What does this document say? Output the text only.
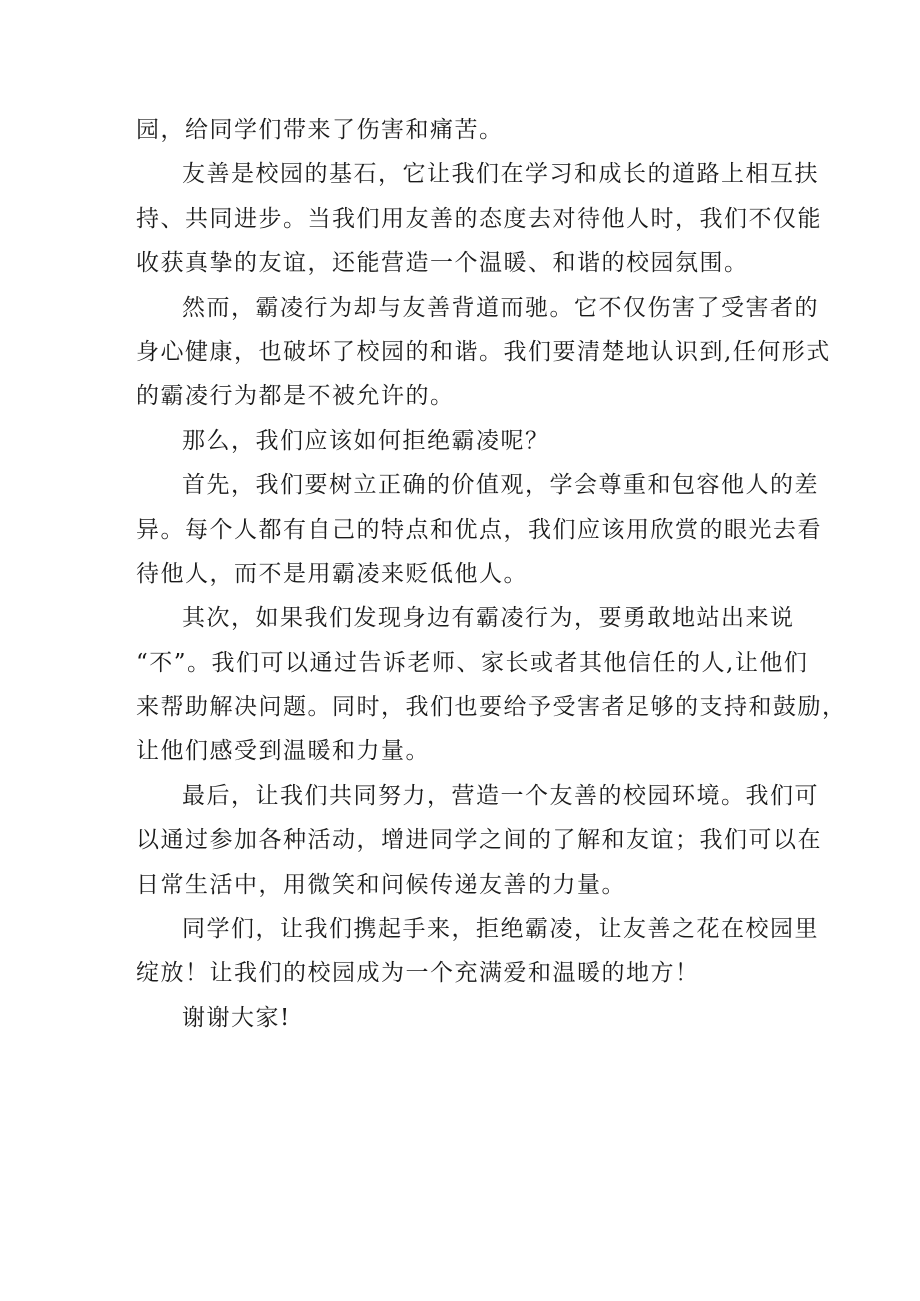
园，给同学们带来了伤害和痛苦。
友善是校园的基石，它让我们在学习和成长的道路上相互扶
持、共同进步。当我们用友善的态度去对待他人时，我们不仅能
收获真挚的友谊，还能营造一个温暖、和谐的校园氛围。
然而，霸凌行为却与友善背道而驰。它不仅伤害了受害者的
身心健康，也破坏了校园的和谐。我们要清楚地认识到,任何形式
的霸凌行为都是不被允许的。
那么，我们应该如何拒绝霸凌呢？
首先，我们要树立正确的价值观，学会尊重和包容他人的差
异。每个人都有自己的特点和优点，我们应该用欣赏的眼光去看
待他人，而不是用霸凌来贬低他人。
其次，如果我们发现身边有霸凌行为，要勇敢地站出来说
“不”。我们可以通过告诉老师、家长或者其他信任的人,让他们
来帮助解决问题。同时，我们也要给予受害者足够的支持和鼓励，
让他们感受到温暖和力量。
最后，让我们共同努力，营造一个友善的校园环境。我们可
以通过参加各种活动，增进同学之间的了解和友谊；我们可以在
日常生活中，用微笑和问候传递友善的力量。
同学们，让我们携起手来，拒绝霸凌，让友善之花在校园里
绽放！让我们的校园成为一个充满爱和温暖的地方！
谢谢大家!
